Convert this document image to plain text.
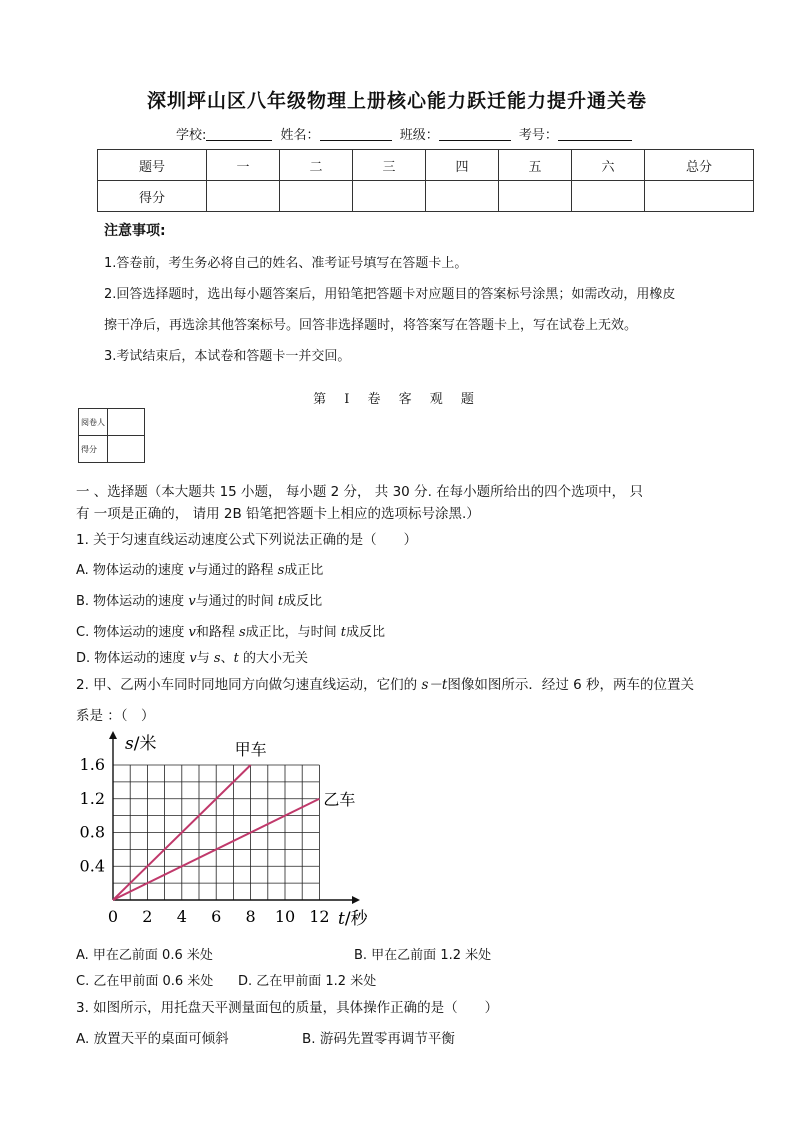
深圳坪山区八年级物理上册核心能力跃迁能力提升通关卷
学校:	姓名：	班级：	考号：
题号	一	二	三	四	五	六	总分
得分							
注意事项:
1.答卷前，考生务必将自己的姓名、准考证号填写在答题卡上。
2.回答选择题时，选出每小题答案后，用铅笔把答题卡对应题目的答案标号涂黑；如需改动，用橡皮
擦干净后，再选涂其他答案标号。回答非选择题时，将答案写在答题卡上，写在试卷上无效。
3.考试结束后，本试卷和答题卡一并交回。
第 I 卷 客 观 题
阅卷人	
得分	
一 、选择题（本大题共 15 小题， 每小题 2 分， 共 30 分. 在每小题所给出的四个选项中， 只
有 一项是正确的， 请用 2B 铅笔把答题卡上相应的选项标号涂黑.）
1. 关于匀速直线运动速度公式下列说法正确的是（　　）
A. 物体运动的速度 v与通过的路程 s成正比
B. 物体运动的速度 v与通过的时间 t成反比
C. 物体运动的速度 v和路程 s成正比，与时间 t成反比
D. 物体运动的速度 v与 s、t 的大小无关
2. 甲、乙两小车同时同地同方向做匀速直线运动，它们的 s－t图像如图所示．经过 6 秒，两车的位置关
系是 ：（　）
0 2 4 6 8 10 12
0.4
0.8
1.2
1.6
甲车
乙车
s/米
t/秒
A. 甲在乙前面 0.6 米处	B. 甲在乙前面 1.2 米处
C. 乙在甲前面 0.6 米处 D. 乙在甲前面 1.2 米处
3. 如图所示，用托盘天平测量面包的质量，具体操作正确的是（　　）
A. 放置天平的桌面可倾斜	B. 游码先置零再调节平衡
